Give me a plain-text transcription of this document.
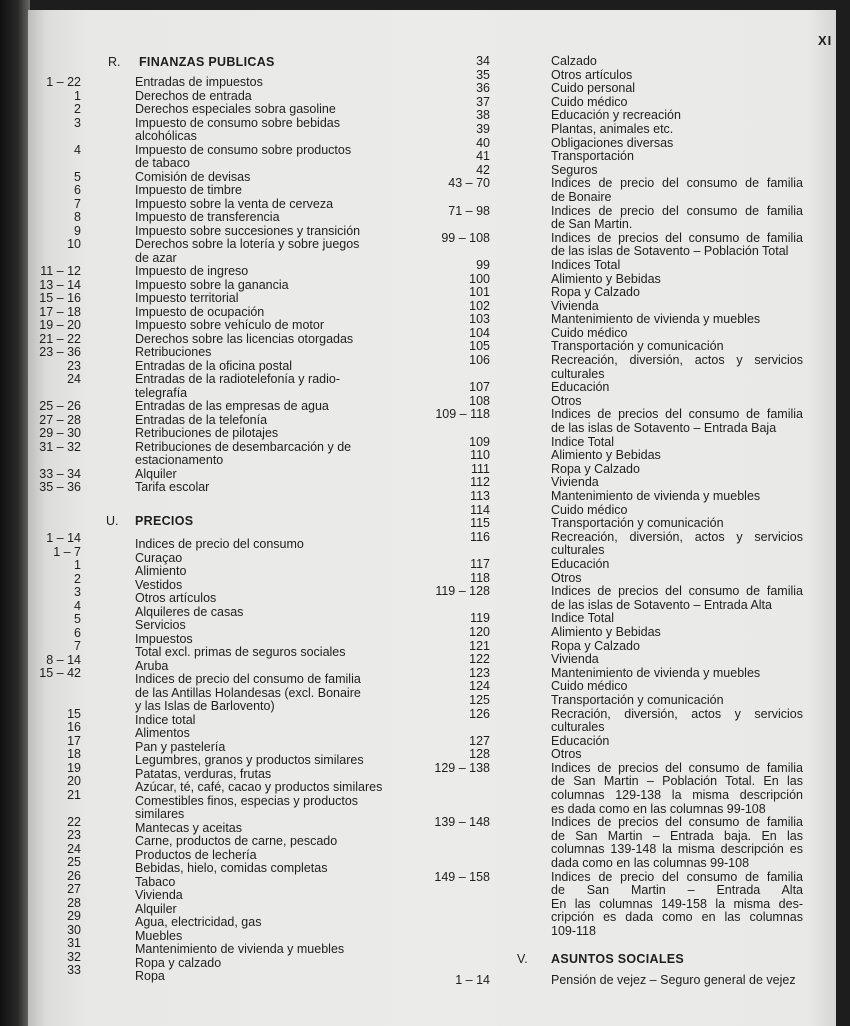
XI
R. FINANZAS PUBLICAS
1 – 22	Entradas de impuestos
1	Derechos de entrada
2	Derechos especiales sobra gasoline
3	Impuesto de consumo sobre bebidas
alcohólicas
4	Impuesto de consumo sobre productos
de tabaco
5	Comisión de devisas
6	Impuesto de timbre
7	Impuesto sobre la venta de cerveza
8	Impuesto de transferencia
9	Impuesto sobre succesiones y transición
10	Derechos sobre la lotería y sobre juegos
de azar
11 – 12	Impuesto de ingreso
13 – 14	Impuesto sobre la ganancia
15 – 16	Impuesto territorial
17 – 18	Impuesto de ocupación
19 – 20	Impuesto sobre vehículo de motor
21 – 22	Derechos sobre las licencias otorgadas
23 – 36	Retribuciones
23	Entradas de la oficina postal
24	Entradas de la radiotelefonía y radio-
telegrafía
25 – 26	Entradas de las empresas de agua
27 – 28	Entradas de la telefonía
29 – 30	Retribuciones de pilotajes
31 – 32	Retribuciones de desembarcación y de
estacionamento
33 – 34	Alquiler
35 – 36	Tarifa escolar
U. PRECIOS
1 – 14	Indices de precio del consumo
1 – 7	Curaçao
1	Alimiento
2	Vestidos
3	Otros artículos
4	Alquileres de casas
5	Servicios
6	Impuestos
7	Total excl. primas de seguros sociales
8 – 14	Aruba
15 – 42	Indices de precio del consumo de familia
de las Antillas Holandesas (excl. Bonaire
y las Islas de Barlovento)
15	Indice total
16	Alimentos
17	Pan y pastelería
18	Legumbres, granos y productos similares
19	Patatas, verduras, frutas
20	Azúcar, té, café, cacao y productos similares
21	Comestibles finos, especias y productos
similares
22	Mantecas y aceitas
23	Carne, productos de carne, pescado
24	Productos de lechería
25	Bebidas, hielo, comidas completas
26	Tabaco
27	Vivienda
28	Alquiler
29	Agua, electricidad, gas
30	Muebles
31	Mantenimiento de vivienda y muebles
32	Ropa y calzado
33	Ropa
34	Calzado
35	Otros artículos
36	Cuido personal
37	Cuido médico
38	Educación y recreación
39	Plantas, animales etc.
40	Obligaciones diversas
41	Transportación
42	Seguros
43 – 70	Indices de precio del consumo de familia
de Bonaire
71 – 98	Indices de precio del consumo de familia
de San Martin.
99 – 108	Indices de precios del consumo de familia
de las islas de Sotavento – Población Total
99	Indices Total
100	Alimiento y Bebidas
101	Ropa y Calzado
102	Vivienda
103	Mantenimiento de vivienda y muebles
104	Cuido médico
105	Transportación y comunicación
106	Recreación, diversión, actos y servicios
culturales
107	Educación
108	Otros
109 – 118	Indices de precios del consumo de familia
de las islas de Sotavento – Entrada Baja
109	Indice Total
110	Alimiento y Bebidas
111	Ropa y Calzado
112	Vivienda
113	Mantenimiento de vivienda y muebles
114	Cuido médico
115	Transportación y comunicación
116	Recreación, diversión, actos y servicios
culturales
117	Educación
118	Otros
119 – 128	Indices de precios del consumo de familia
de las islas de Sotavento – Entrada Alta
119	Indice Total
120	Alimiento y Bebidas
121	Ropa y Calzado
122	Vivienda
123	Mantenimiento de vivienda y muebles
124	Cuido médico
125	Transportación y comunicación
126	Recración, diversión, actos y servicios
culturales
127	Educación
128	Otros
129 – 138	Indices de precios del consumo de familia
de San Martin – Población Total. En las
columnas 129-138 la misma descripción
es dada como en las columnas 99-108
139 – 148	Indices de precios del consumo de familia
de San Martin – Entrada baja. En las
columnas 139-148 la misma descripción es
dada como en las columnas 99-108
149 – 158	Indices de precio del consumo de familia
de San Martin – Entrada Alta
En las columnas 149-158 la misma des-
cripción es dada como en las columnas
109-118
V. ASUNTOS SOCIALES
1 – 14	Pensión de vejez – Seguro general de vejez
